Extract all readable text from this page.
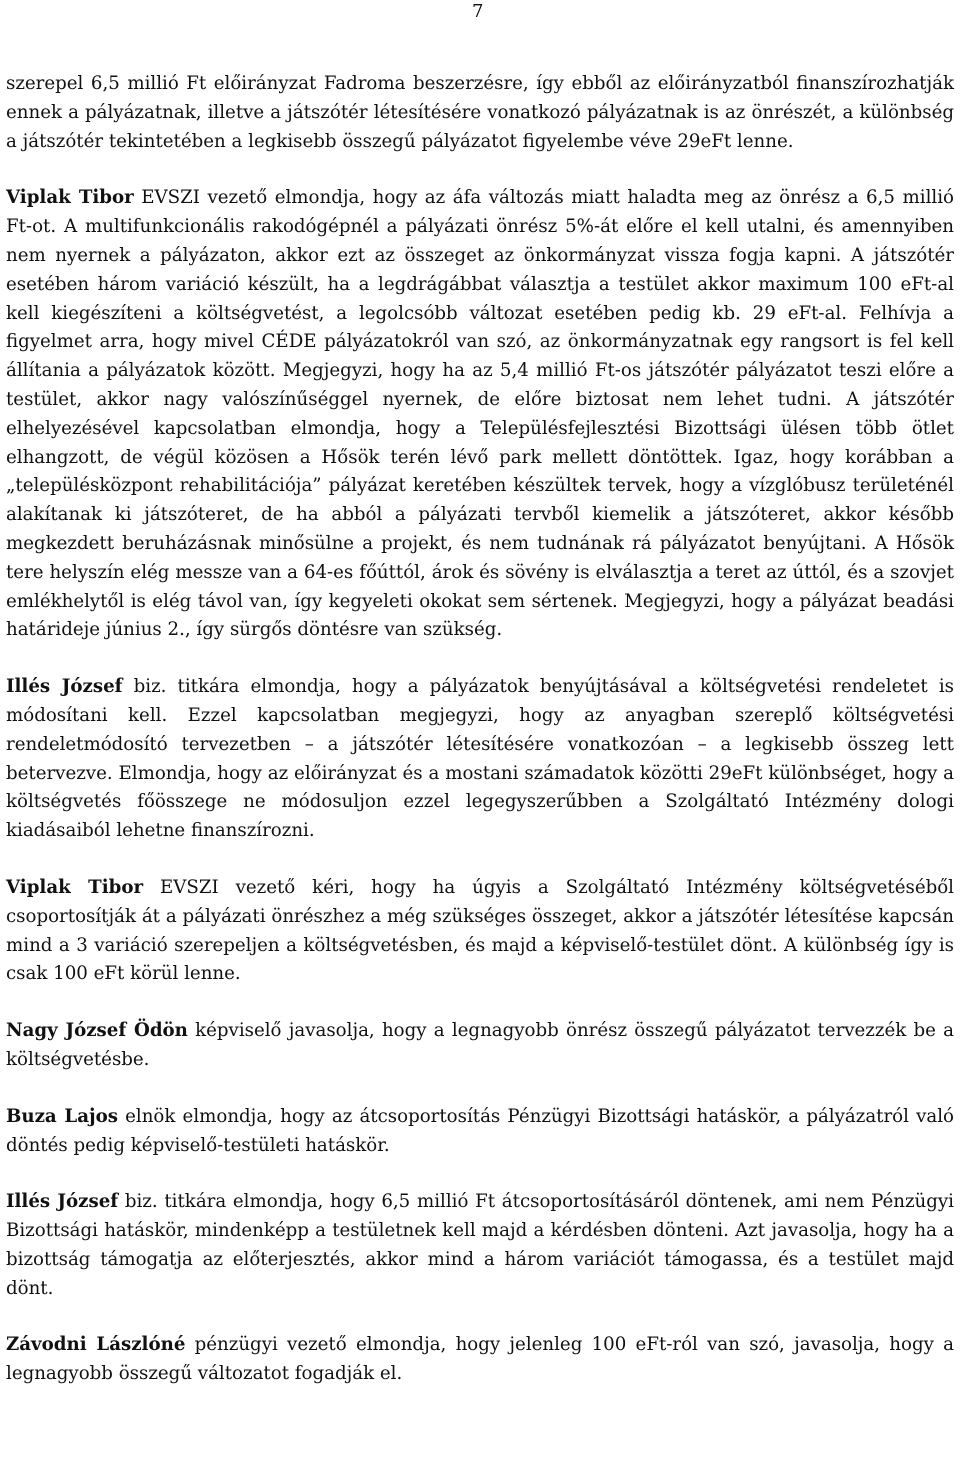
7

szerepel 6,5 millió Ft előirányzat Fadroma beszerzésre, így ebből az előirányzatból finanszírozhatják ennek a pályázatnak, illetve a játszótér létesítésére vonatkozó pályázatnak is az önrészét, a különbség a játszótér tekintetében a legkisebb összegű pályázatot figyelembe véve 29eFt lenne.

Viplak Tibor EVSZI vezető elmondja, hogy az áfa változás miatt haladta meg az önrész a 6,5 millió Ft-ot. A multifunkcionális rakodógépnél a pályázati önrész 5%-át előre el kell utalni, és amennyiben nem nyernek a pályázaton, akkor ezt az összeget az önkormányzat vissza fogja kapni. A játszótér esetében három variáció készült, ha a legdrágábbat választja a testület akkor maximum 100 eFt-al kell kiegészíteni a költségvetést, a legolcsóbb változat esetében pedig kb. 29 eFt-al. Felhívja a figyelmet arra, hogy mivel CÉDE pályázatokról van szó, az önkormányzatnak egy rangsort is fel kell állítania a pályázatok között. Megjegyzi, hogy ha az 5,4 millió Ft-os játszótér pályázatot teszi előre a testület, akkor nagy valószínűséggel nyernek, de előre biztosat nem lehet tudni. A játszótér elhelyezésével kapcsolatban elmondja, hogy a Településfejlesztési Bizottsági ülésen több ötlet elhangzott, de végül közösen a Hősök terén lévő park mellett döntöttek. Igaz, hogy korábban a „településközpont rehabilitációja” pályázat keretében készültek tervek, hogy a vízglóbusz területénél alakítanak ki játszóteret, de ha abból a pályázati tervből kiemelik a játszóteret, akkor később megkezdett beruházásnak minősülne a projekt, és nem tudnának rá pályázatot benyújtani. A Hősök tere helyszín elég messze van a 64-es főúttól, árok és sövény is elválasztja a teret az úttól, és a szovjet emlékhelytől is elég távol van, így kegyeleti okokat sem sértenek. Megjegyzi, hogy a pályázat beadási határideje június 2., így sürgős döntésre van szükség.

Illés József biz. titkára elmondja, hogy a pályázatok benyújtásával a költségvetési rendeletet is módosítani kell. Ezzel kapcsolatban megjegyzi, hogy az anyagban szereplő költségvetési rendeletmódosító tervezetben – a játszótér létesítésére vonatkozóan – a legkisebb összeg lett betervezve. Elmondja, hogy az előirányzat és a mostani számadatok közötti 29eFt különbséget, hogy a költségvetés főösszege ne módosuljon ezzel legegyszerűbben a Szolgáltató Intézmény dologi kiadásaiból lehetne finanszírozni.

Viplak Tibor EVSZI vezető kéri, hogy ha úgyis a Szolgáltató Intézmény költségvetéséből csoportosítják át a pályázati önrészhez a még szükséges összeget, akkor a játszótér létesítése kapcsán mind a 3 variáció szerepeljen a költségvetésben, és majd a képviselő-testület dönt. A különbség így is csak 100 eFt körül lenne.

Nagy József Ödön képviselő javasolja, hogy a legnagyobb önrész összegű pályázatot tervezzék be a költségvetésbe.

Buza Lajos elnök elmondja, hogy az átcsoportosítás Pénzügyi Bizottsági hatáskör, a pályázatról való döntés pedig képviselő-testületi hatáskör.

Illés József biz. titkára elmondja, hogy 6,5 millió Ft átcsoportosításáról döntenek, ami nem Pénzügyi Bizottsági hatáskör, mindenképp a testületnek kell majd a kérdésben dönteni. Azt javasolja, hogy ha a bizottság támogatja az előterjesztés, akkor mind a három variációt támogassa, és a testület majd dönt.

Závodni Lászlóné pénzügyi vezető elmondja, hogy jelenleg 100 eFt-ról van szó, javasolja, hogy a legnagyobb összegű változatot fogadják el.
